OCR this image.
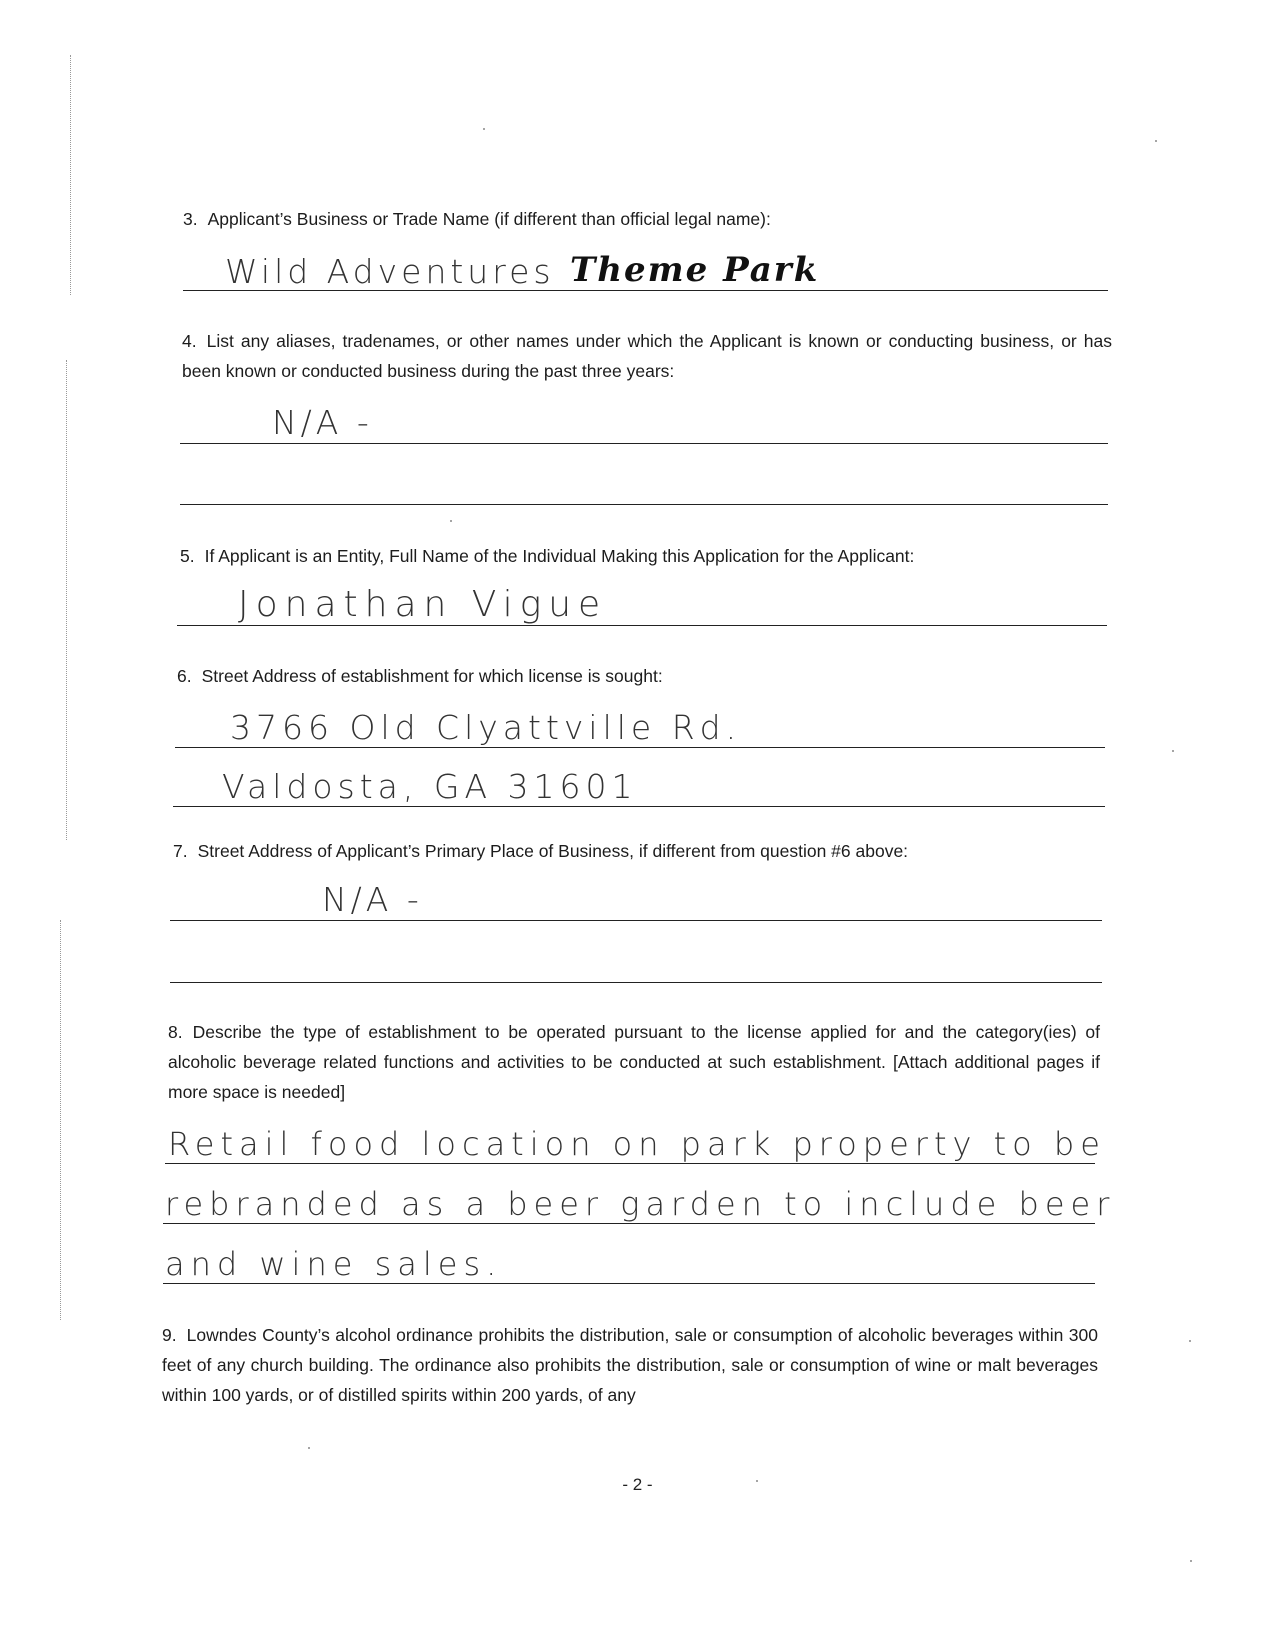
3. Applicant’s Business or Trade Name (if different than official legal name):
Wild Adventures Theme Park
4. List any aliases, tradenames, or other names under which the Applicant is known or conducting business, or has been known or conducted business during the past three years:
N/A -
5. If Applicant is an Entity, Full Name of the Individual Making this Application for the Applicant:
Jonathan Vigue
6. Street Address of establishment for which license is sought:
3766 Old Clyattville Rd.
Valdosta, GA 31601
7. Street Address of Applicant’s Primary Place of Business, if different from question #6 above:
N/A -
8. Describe the type of establishment to be operated pursuant to the license applied for and the category(ies) of alcoholic beverage related functions and activities to be conducted at such establishment. [Attach additional pages if more space is needed]
Retail food location on park property to be
rebranded as a beer garden to include beer
and wine sales.
9. Lowndes County’s alcohol ordinance prohibits the distribution, sale or consumption of alcoholic beverages within 300 feet of any church building. The ordinance also prohibits the distribution, sale or consumption of wine or malt beverages within 100 yards, or of distilled spirits within 200 yards, of any
- 2 -
